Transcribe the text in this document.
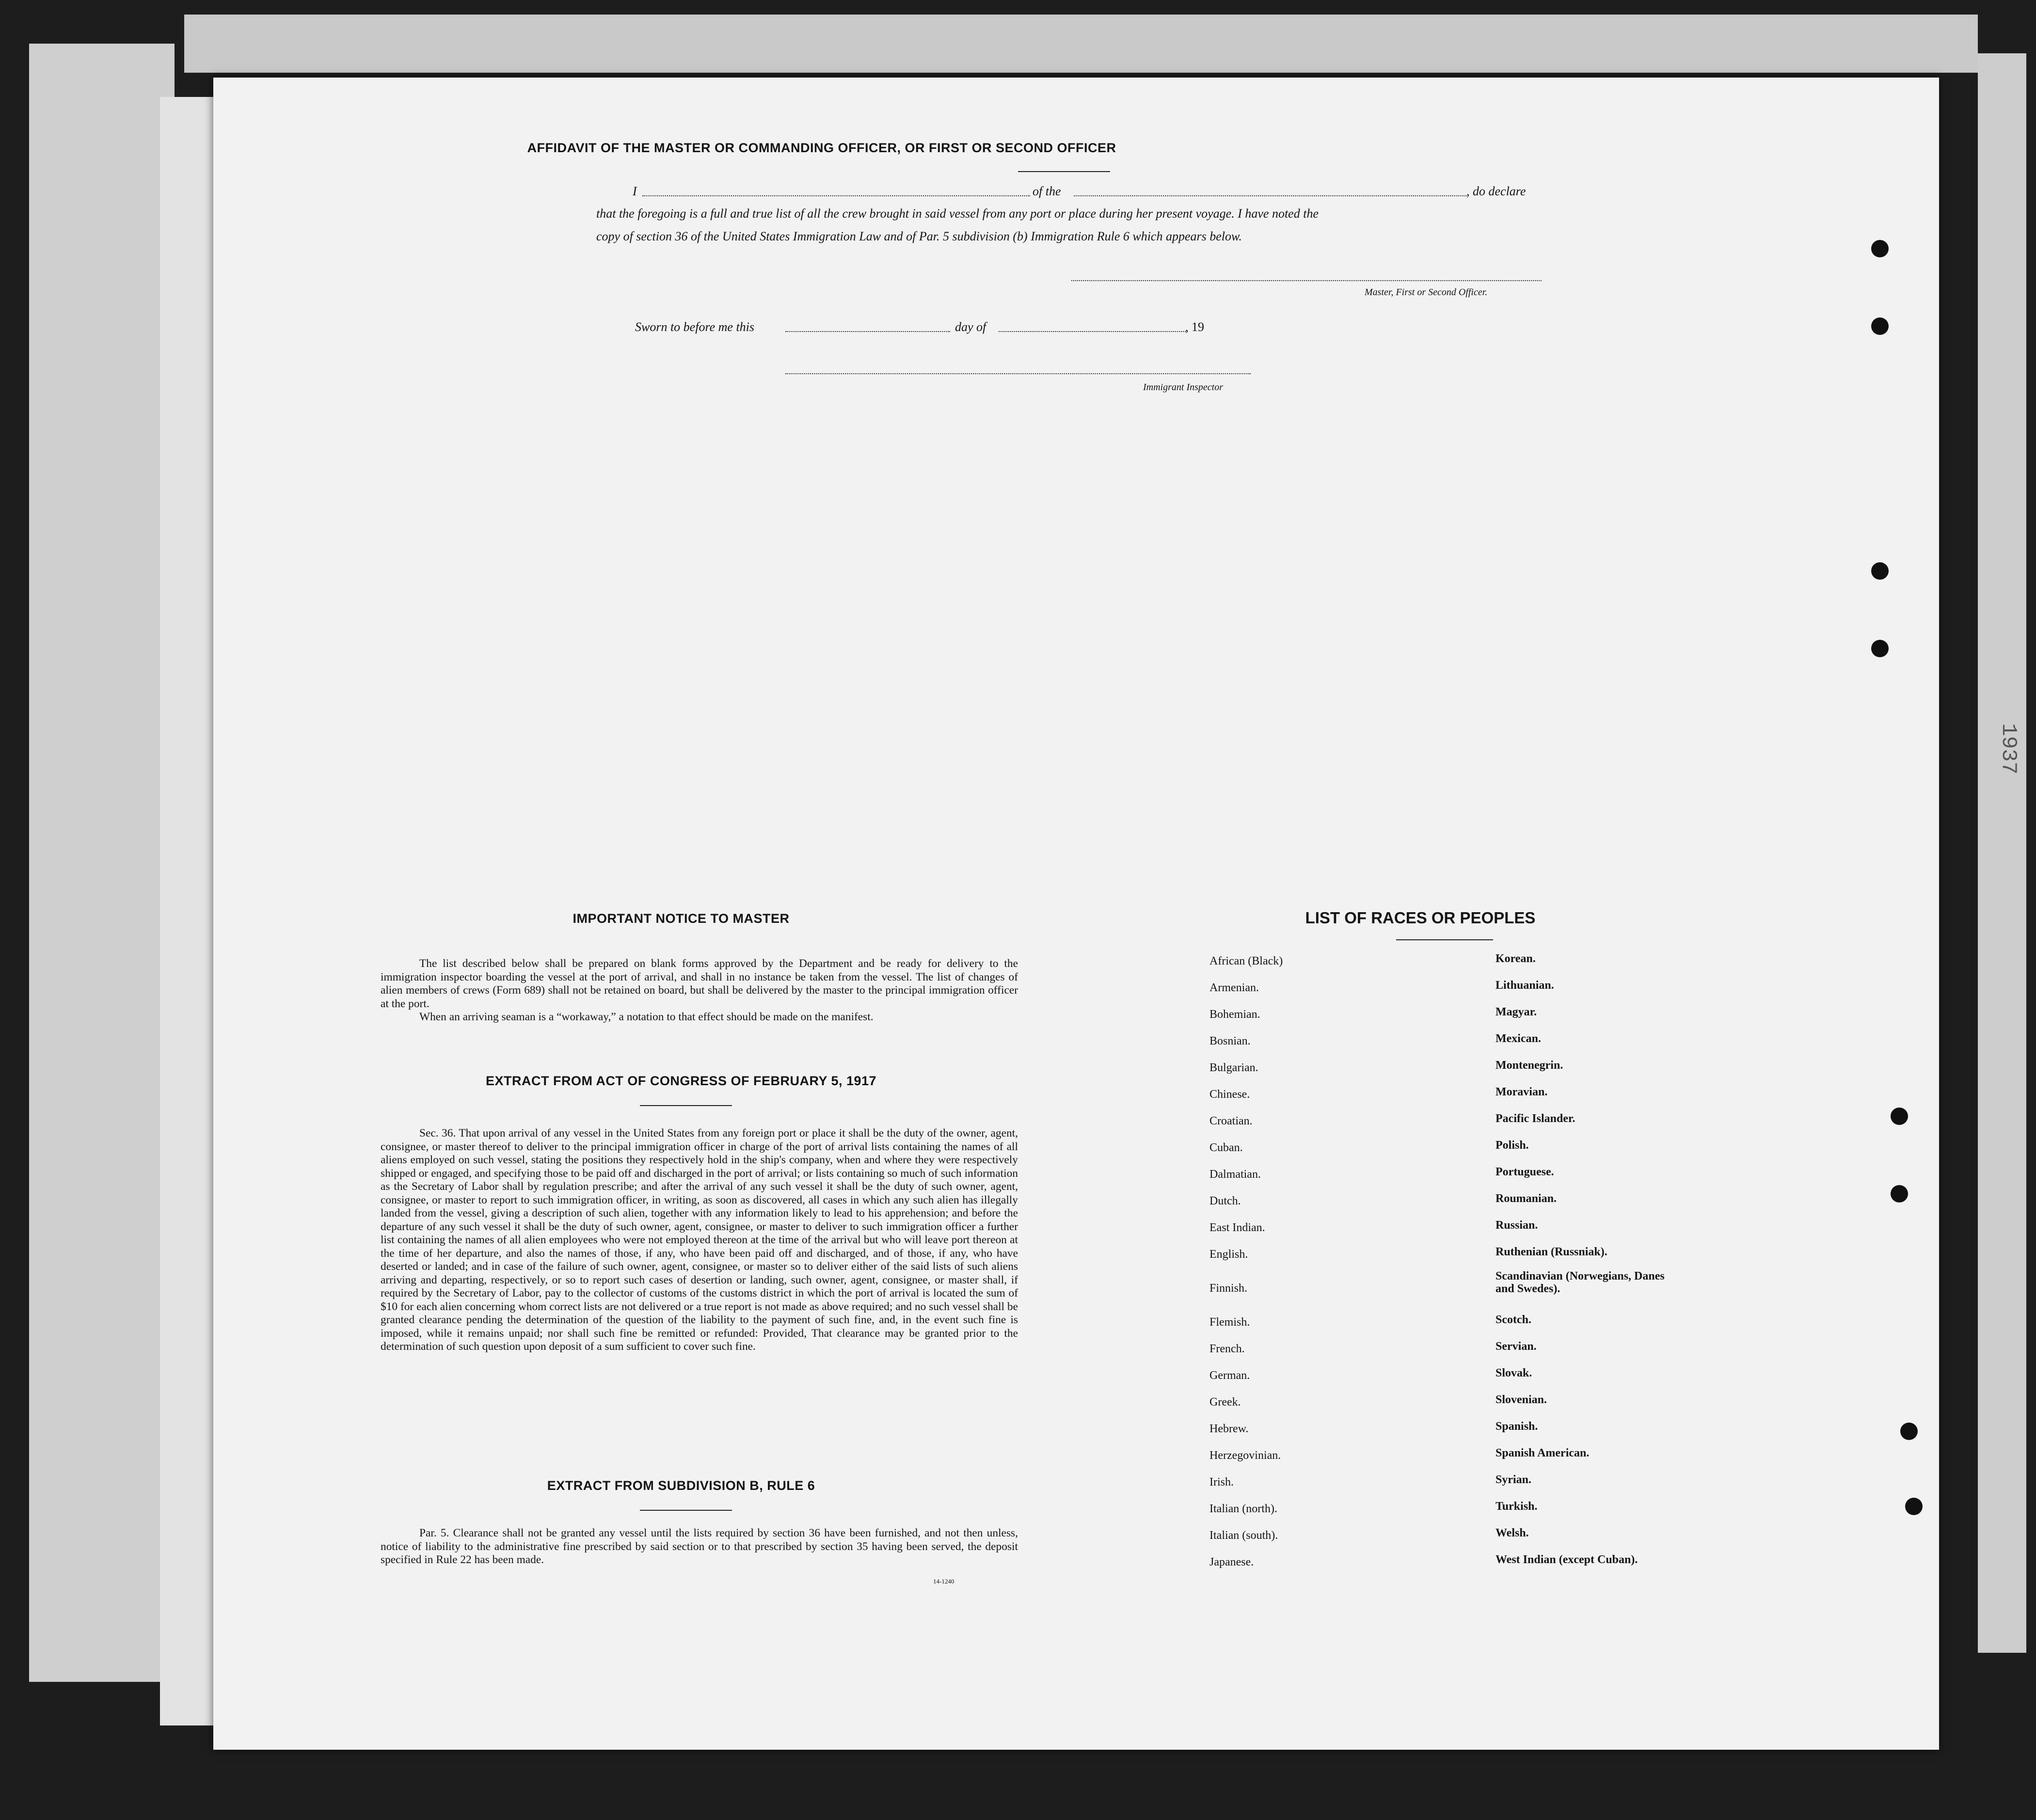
1937
AFFIDAVIT OF THE MASTER OR COMMANDING OFFICER, OR FIRST OR SECOND OFFICER
I	of the	, do declare
that the foregoing is a full and true list of all the crew brought in said vessel from any port or place during her present voyage. I have noted the
copy of section 36 of the United States Immigration Law and of Par. 5 subdivision (b) Immigration Rule 6 which appears below.
Master, First or Second Officer.
Sworn to before me this	day of	, 19
Immigrant Inspector
IMPORTANT NOTICE TO MASTER
The list described below shall be prepared on blank forms approved by the Department and be ready for delivery to the immigration inspector boarding the vessel at the port of arrival, and shall in no instance be taken from the vessel. The list of changes of alien members of crews (Form 689) shall not be retained on board, but shall be delivered by the master to the principal immigration officer at the port.
When an arriving seaman is a “workaway,” a notation to that effect should be made on the manifest.
EXTRACT FROM ACT OF CONGRESS OF FEBRUARY 5, 1917
Sec. 36. That upon arrival of any vessel in the United States from any foreign port or place it shall be the duty of the owner, agent, consignee, or master thereof to deliver to the principal immigration officer in charge of the port of arrival lists containing the names of all aliens employed on such vessel, stating the positions they respectively hold in the ship's company, when and where they were respectively shipped or engaged, and specifying those to be paid off and discharged in the port of arrival; or lists containing so much of such information as the Secretary of Labor shall by regulation prescribe; and after the arrival of any such vessel it shall be the duty of such owner, agent, consignee, or master to report to such immigration officer, in writing, as soon as discovered, all cases in which any such alien has illegally landed from the vessel, giving a description of such alien, together with any information likely to lead to his apprehension; and before the departure of any such vessel it shall be the duty of such owner, agent, consignee, or master to deliver to such immigration officer a further list containing the names of all alien employees who were not employed thereon at the time of the arrival but who will leave port thereon at the time of her departure, and also the names of those, if any, who have been paid off and discharged, and of those, if any, who have deserted or landed; and in case of the failure of such owner, agent, consignee, or master so to deliver either of the said lists of such aliens arriving and departing, respectively, or so to report such cases of desertion or landing, such owner, agent, consignee, or master shall, if required by the Secretary of Labor, pay to the collector of customs of the customs district in which the port of arrival is located the sum of $10 for each alien concerning whom correct lists are not delivered or a true report is not made as above required; and no such vessel shall be granted clearance pending the determination of the question of the liability to the payment of such fine, and, in the event such fine is imposed, while it remains unpaid; nor shall such fine be remitted or refunded: Provided, That clearance may be granted prior to the determination of such question upon deposit of a sum sufficient to cover such fine.
EXTRACT FROM SUBDIVISION B, RULE 6
Par. 5. Clearance shall not be granted any vessel until the lists required by section 36 have been furnished, and not then unless, notice of liability to the administrative fine prescribed by said section or to that prescribed by section 35 having been served, the deposit specified in Rule 22 has been made.
14-1240
LIST OF RACES OR PEOPLES
African (Black)
Armenian.
Bohemian.
Bosnian.
Bulgarian.
Chinese.
Croatian.
Cuban.
Dalmatian.
Dutch.
East Indian.
English.
Finnish.
Flemish.
French.
German.
Greek.
Hebrew.
Herzegovinian.
Irish.
Italian (north).
Italian (south).
Japanese.
Korean.
Lithuanian.
Magyar.
Mexican.
Montenegrin.
Moravian.
Pacific Islander.
Polish.
Portuguese.
Roumanian.
Russian.
Ruthenian (Russniak).
Scandinavian (Norwegians, Danes and Swedes).
Scotch.
Servian.
Slovak.
Slovenian.
Spanish.
Spanish American.
Syrian.
Turkish.
Welsh.
West Indian (except Cuban).
